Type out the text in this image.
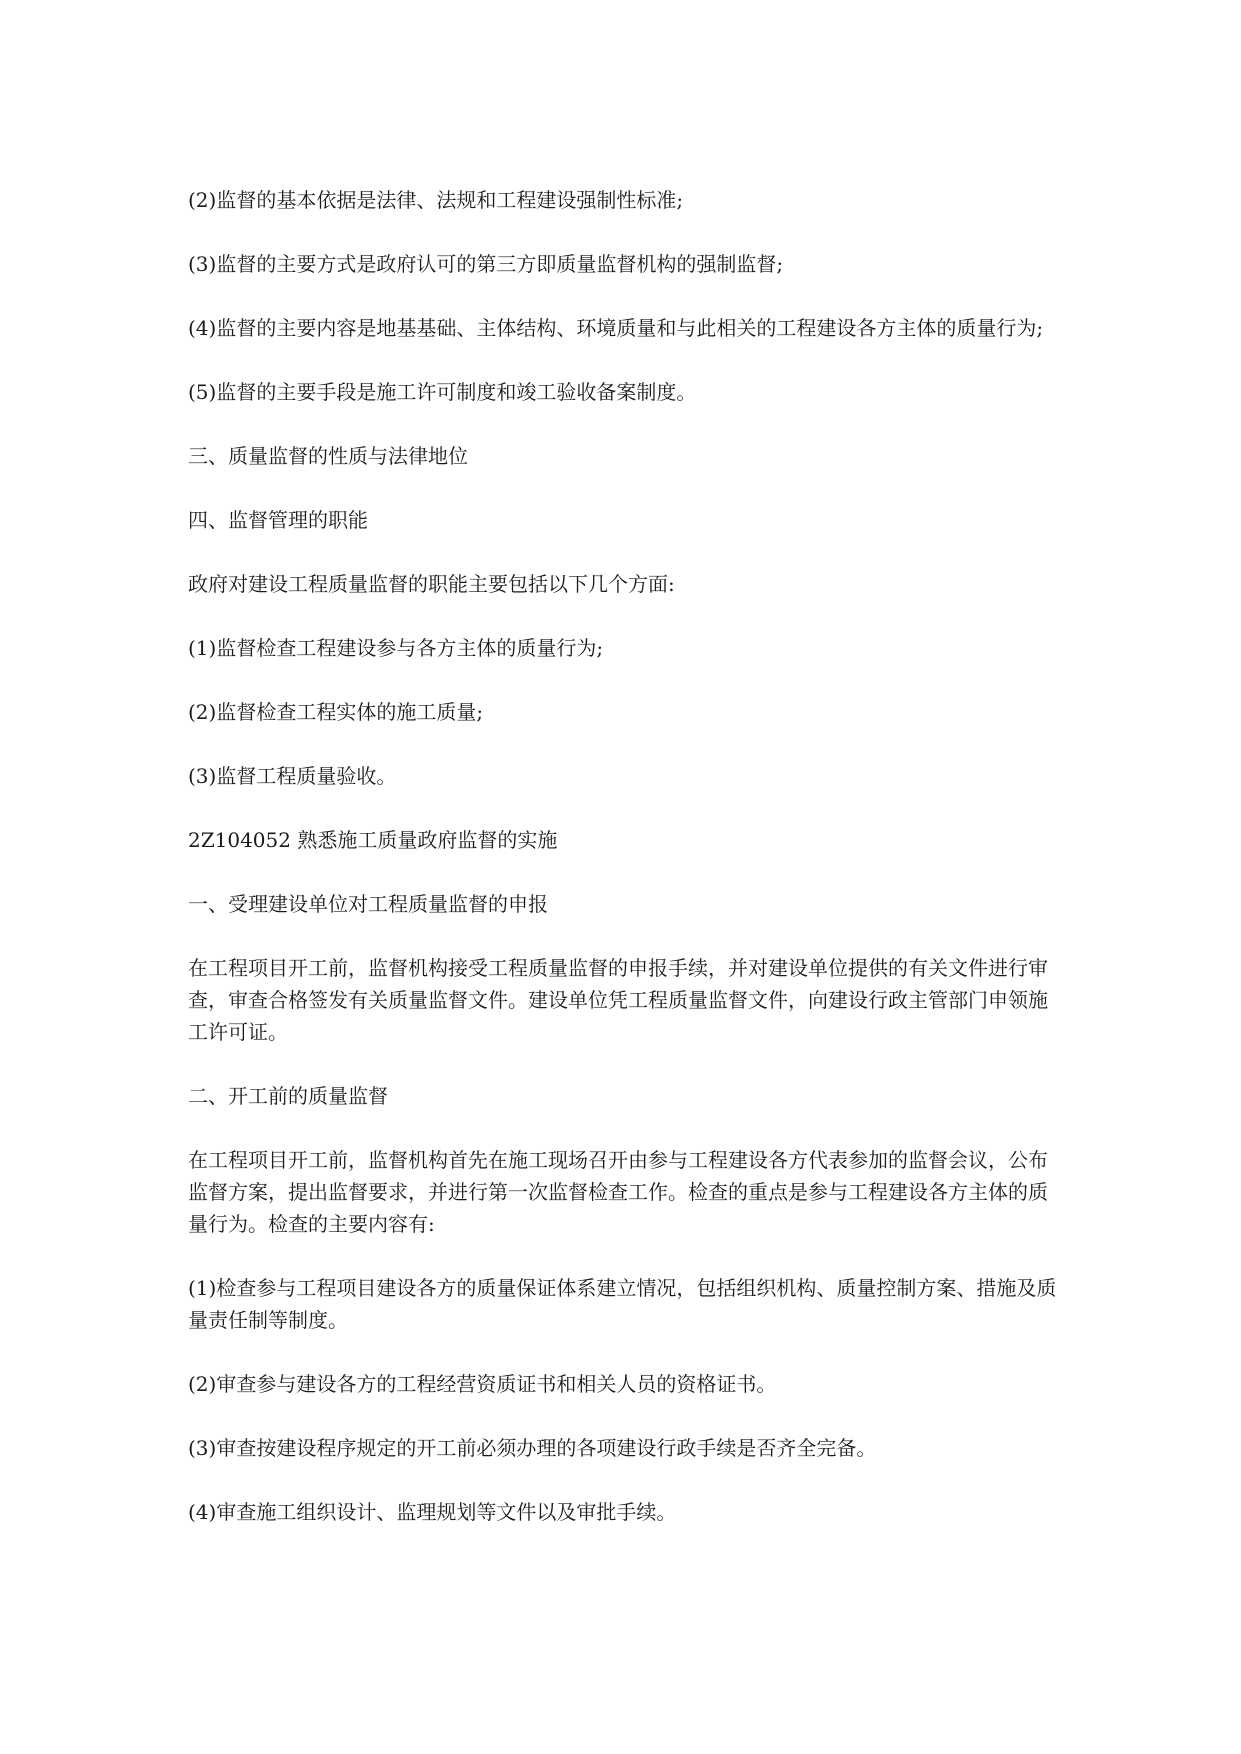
(2)监督的基本依据是法律、法规和工程建设强制性标准;

(3)监督的主要方式是政府认可的第三方即质量监督机构的强制监督;

(4)监督的主要内容是地基基础、主体结构、环境质量和与此相关的工程建设各方主体的质量行为;

(5)监督的主要手段是施工许可制度和竣工验收备案制度。

三、质量监督的性质与法律地位

四、监督管理的职能

政府对建设工程质量监督的职能主要包括以下几个方面:

(1)监督检查工程建设参与各方主体的质量行为;

(2)监督检查工程实体的施工质量;

(3)监督工程质量验收。

2Z104052 熟悉施工质量政府监督的实施

一、受理建设单位对工程质量监督的申报

在工程项目开工前，监督机构接受工程质量监督的申报手续，并对建设单位提供的有关文件进行审查，审查合格签发有关质量监督文件。建设单位凭工程质量监督文件，向建设行政主管部门申领施工许可证。

二、开工前的质量监督

在工程项目开工前，监督机构首先在施工现场召开由参与工程建设各方代表参加的监督会议，公布监督方案，提出监督要求，并进行第一次监督检查工作。检查的重点是参与工程建设各方主体的质量行为。检查的主要内容有:

(1)检查参与工程项目建设各方的质量保证体系建立情况，包括组织机构、质量控制方案、措施及质量责任制等制度。

(2)审查参与建设各方的工程经营资质证书和相关人员的资格证书。

(3)审查按建设程序规定的开工前必须办理的各项建设行政手续是否齐全完备。

(4)审查施工组织设计、监理规划等文件以及审批手续。
